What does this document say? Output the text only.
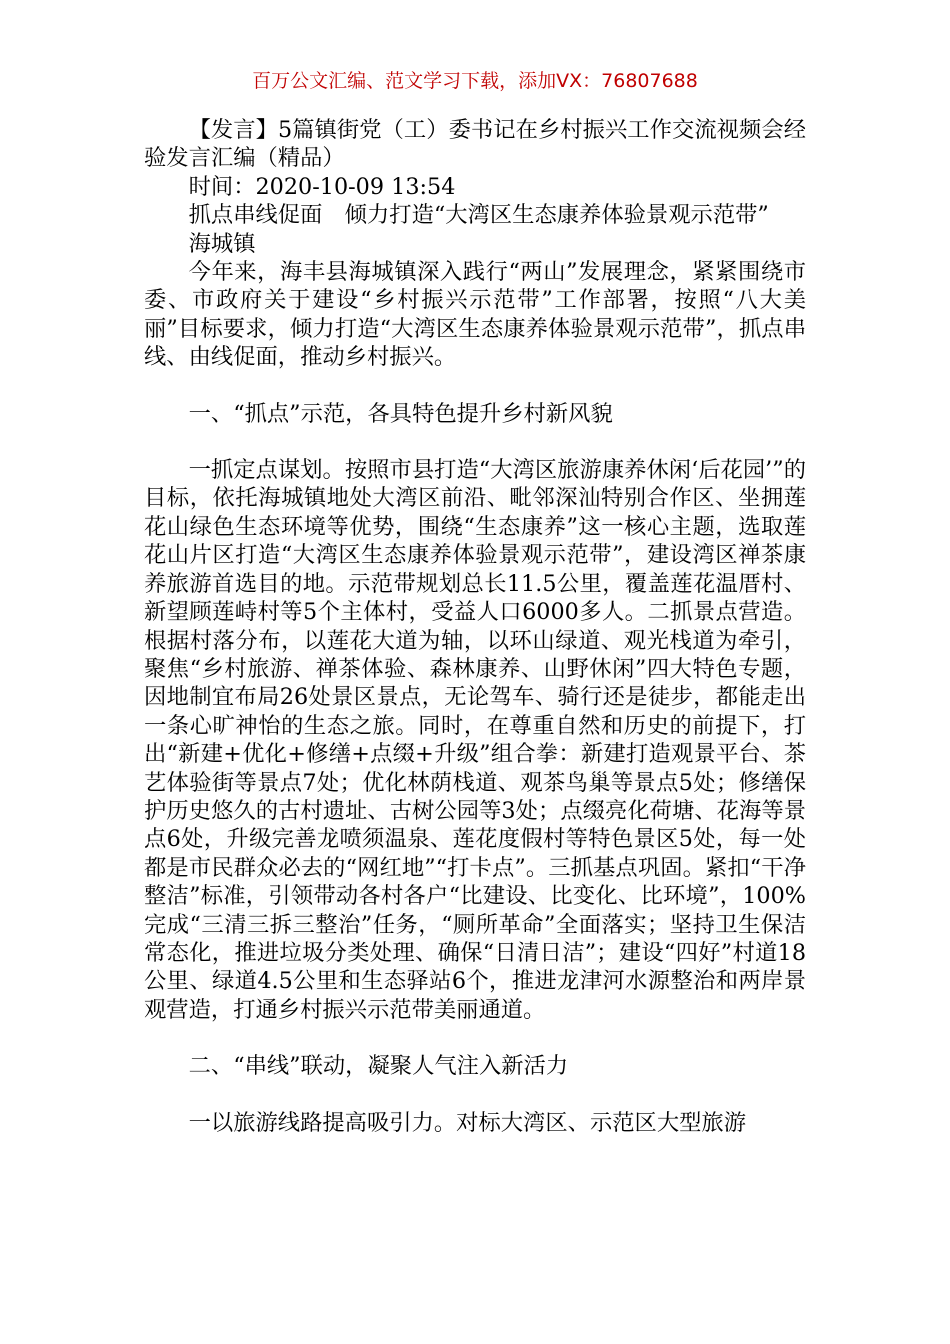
百万公文汇编、范文学习下载，添加VX：76807688

【发言】5篇镇街党（工）委书记在乡村振兴工作交流视频会经验发言汇编（精品）

时间：2020-10-09 13:54

抓点串线促面　倾力打造“大湾区生态康养体验景观示范带”

海城镇

今年来，海丰县海城镇深入践行“两山”发展理念，紧紧围绕市委、市政府关于建设“乡村振兴示范带”工作部署，按照“八大美丽”目标要求，倾力打造“大湾区生态康养体验景观示范带”，抓点串线、由线促面，推动乡村振兴。

一、“抓点”示范，各具特色提升乡村新风貌

一抓定点谋划。按照市县打造“大湾区旅游康养休闲‘后花园’”的目标，依托海城镇地处大湾区前沿、毗邻深汕特别合作区、坐拥莲花山绿色生态环境等优势，围绕“生态康养”这一核心主题，选取莲花山片区打造“大湾区生态康养体验景观示范带”，建设湾区禅茶康养旅游首选目的地。示范带规划总长11.5公里，覆盖莲花温厝村、新望顾莲峙村等5个主体村，受益人口6000多人。二抓景点营造。根据村落分布，以莲花大道为轴，以环山绿道、观光栈道为牵引，聚焦“乡村旅游、禅茶体验、森林康养、山野休闲”四大特色专题，因地制宜布局26处景区景点，无论驾车、骑行还是徒步，都能走出一条心旷神怡的生态之旅。同时，在尊重自然和历史的前提下，打出“新建+优化+修缮+点缀+升级”组合拳：新建打造观景平台、茶艺体验街等景点7处；优化林荫栈道、观茶鸟巢等景点5处；修缮保护历史悠久的古村遗址、古树公园等3处；点缀亮化荷塘、花海等景点6处，升级完善龙喷须温泉、莲花度假村等特色景区5处，每一处都是市民群众必去的“网红地”“打卡点”。三抓基点巩固。紧扣“干净整洁”标准，引领带动各村各户“比建设、比变化、比环境”，100%完成“三清三拆三整治”任务，“厕所革命”全面落实；坚持卫生保洁常态化，推进垃圾分类处理、确保“日清日洁”；建设“四好”村道18公里、绿道4.5公里和生态驿站6个，推进龙津河水源整治和两岸景观营造，打通乡村振兴示范带美丽通道。

二、“串线”联动，凝聚人气注入新活力

一以旅游线路提高吸引力。对标大湾区、示范区大型旅游
